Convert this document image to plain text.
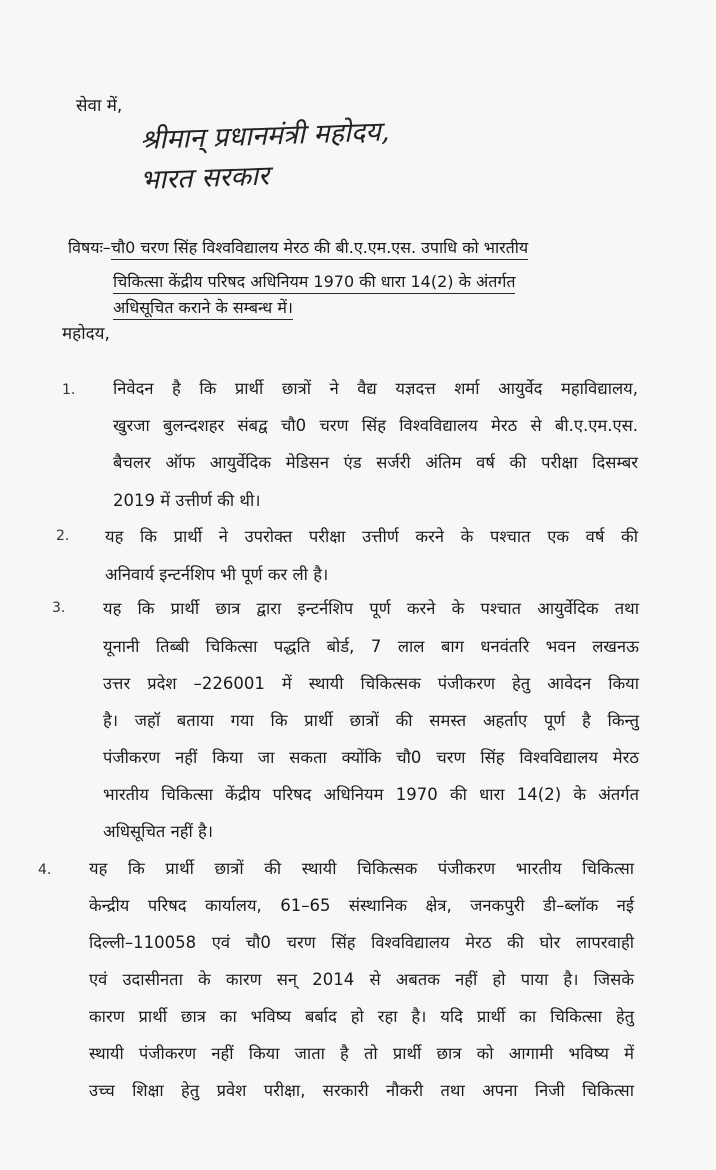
सेवा में,
श्रीमान् प्रधानमंत्री महोदय,
भारत सरकार
विषयः–चौ0 चरण सिंह विश्वविद्यालय मेरठ की बी.ए.एम.एस. उपाधि को भारतीय
चिकित्सा केंद्रीय परिषद अधिनियम 1970 की धारा 14(2) के अंतर्गत
अधिसूचित कराने के सम्बन्ध में।
महोदय,
1. निवेदन है कि प्रार्थी छात्रों ने वैद्य यज्ञदत्त शर्मा आयुर्वेद महाविद्यालय,
खुरजा बुलन्दशहर संबद्व चौ0 चरण सिंह विश्वविद्यालय मेरठ से बी.ए.एम.एस.
बैचलर ऑफ आयुर्वेदिक मेडिसन एंड सर्जरी अंतिम वर्ष की परीक्षा दिसम्बर
2019 में उत्तीर्ण की थी।
2. यह कि प्रार्थी ने उपरोक्त परीक्षा उत्तीर्ण करने के पश्चात एक वर्ष की
अनिवार्य इन्टर्नशिप भी पूर्ण कर ली है।
3. यह कि प्रार्थी छात्र द्वारा इन्टर्नशिप पूर्ण करने के पश्चात आयुर्वेदिक तथा
यूनानी तिब्बी चिकित्सा पद्धति बोर्ड, 7 लाल बाग धनवंतरि भवन लखनऊ
उत्तर प्रदेश –226001 में स्थायी चिकित्सक पंजीकरण हेतु आवेदन किया
है। जहॉ बताया गया कि प्रार्थी छात्रों की समस्त अहर्ताए पूर्ण है किन्तु
पंजीकरण नहीं किया जा सकता क्योंकि चौ0 चरण सिंह विश्वविद्यालय मेरठ
भारतीय चिकित्सा केंद्रीय परिषद अधिनियम 1970 की धारा 14(2) के अंतर्गत
अधिसूचित नहीं है।
4. यह कि प्रार्थी छात्रों की स्थायी चिकित्सक पंजीकरण भारतीय चिकित्सा
केन्द्रीय परिषद कार्यालय, 61–65 संस्थानिक क्षेत्र, जनकपुरी डी–ब्लॉक नई
दिल्ली–110058 एवं चौ0 चरण सिंह विश्वविद्यालय मेरठ की घोर लापरवाही
एवं उदासीनता के कारण सन् 2014 से अबतक नहीं हो पाया है। जिसके
कारण प्रार्थी छात्र का भविष्य बर्बाद हो रहा है। यदि प्रार्थी का चिकित्सा हेतु
स्थायी पंजीकरण नहीं किया जाता है तो प्रार्थी छात्र को आगामी भविष्य में
उच्च शिक्षा हेतु प्रवेश परीक्षा, सरकारी नौकरी तथा अपना निजी चिकित्सा
